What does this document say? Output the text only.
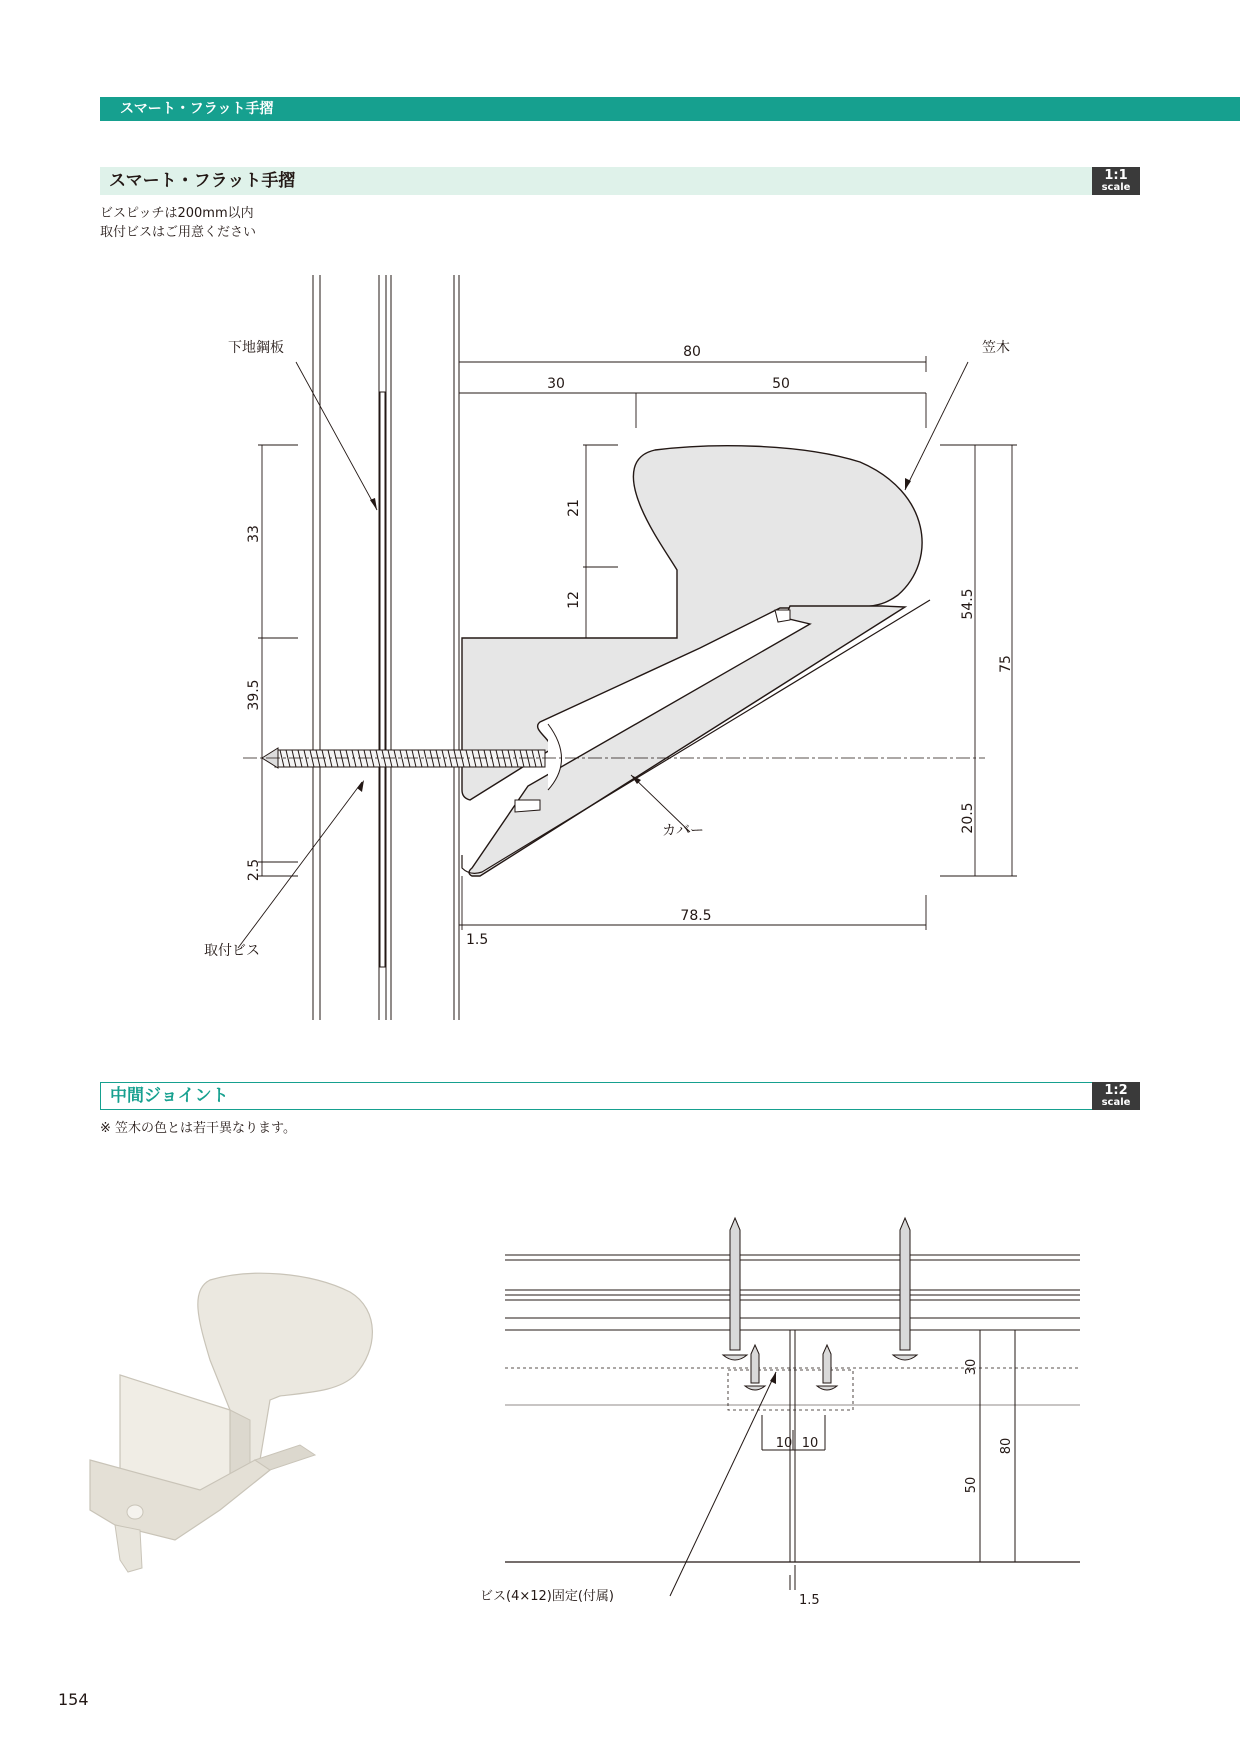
スマート・フラット手摺
スマート・フラット手摺	1:1
scale
ビスピッチは200mm以内
取付ビスはご用意ください
80
30	50
21
12
33
39.5
2.5
54.5
75
20.5
78.5
1.5
下地鋼板	笠木
カバー
取付ビス
中間ジョイント	1:2
scale
※ 笠木の色とは若干異なります。
10 10
30
80
50
1.5
ビス(4×12)固定(付属)
154
